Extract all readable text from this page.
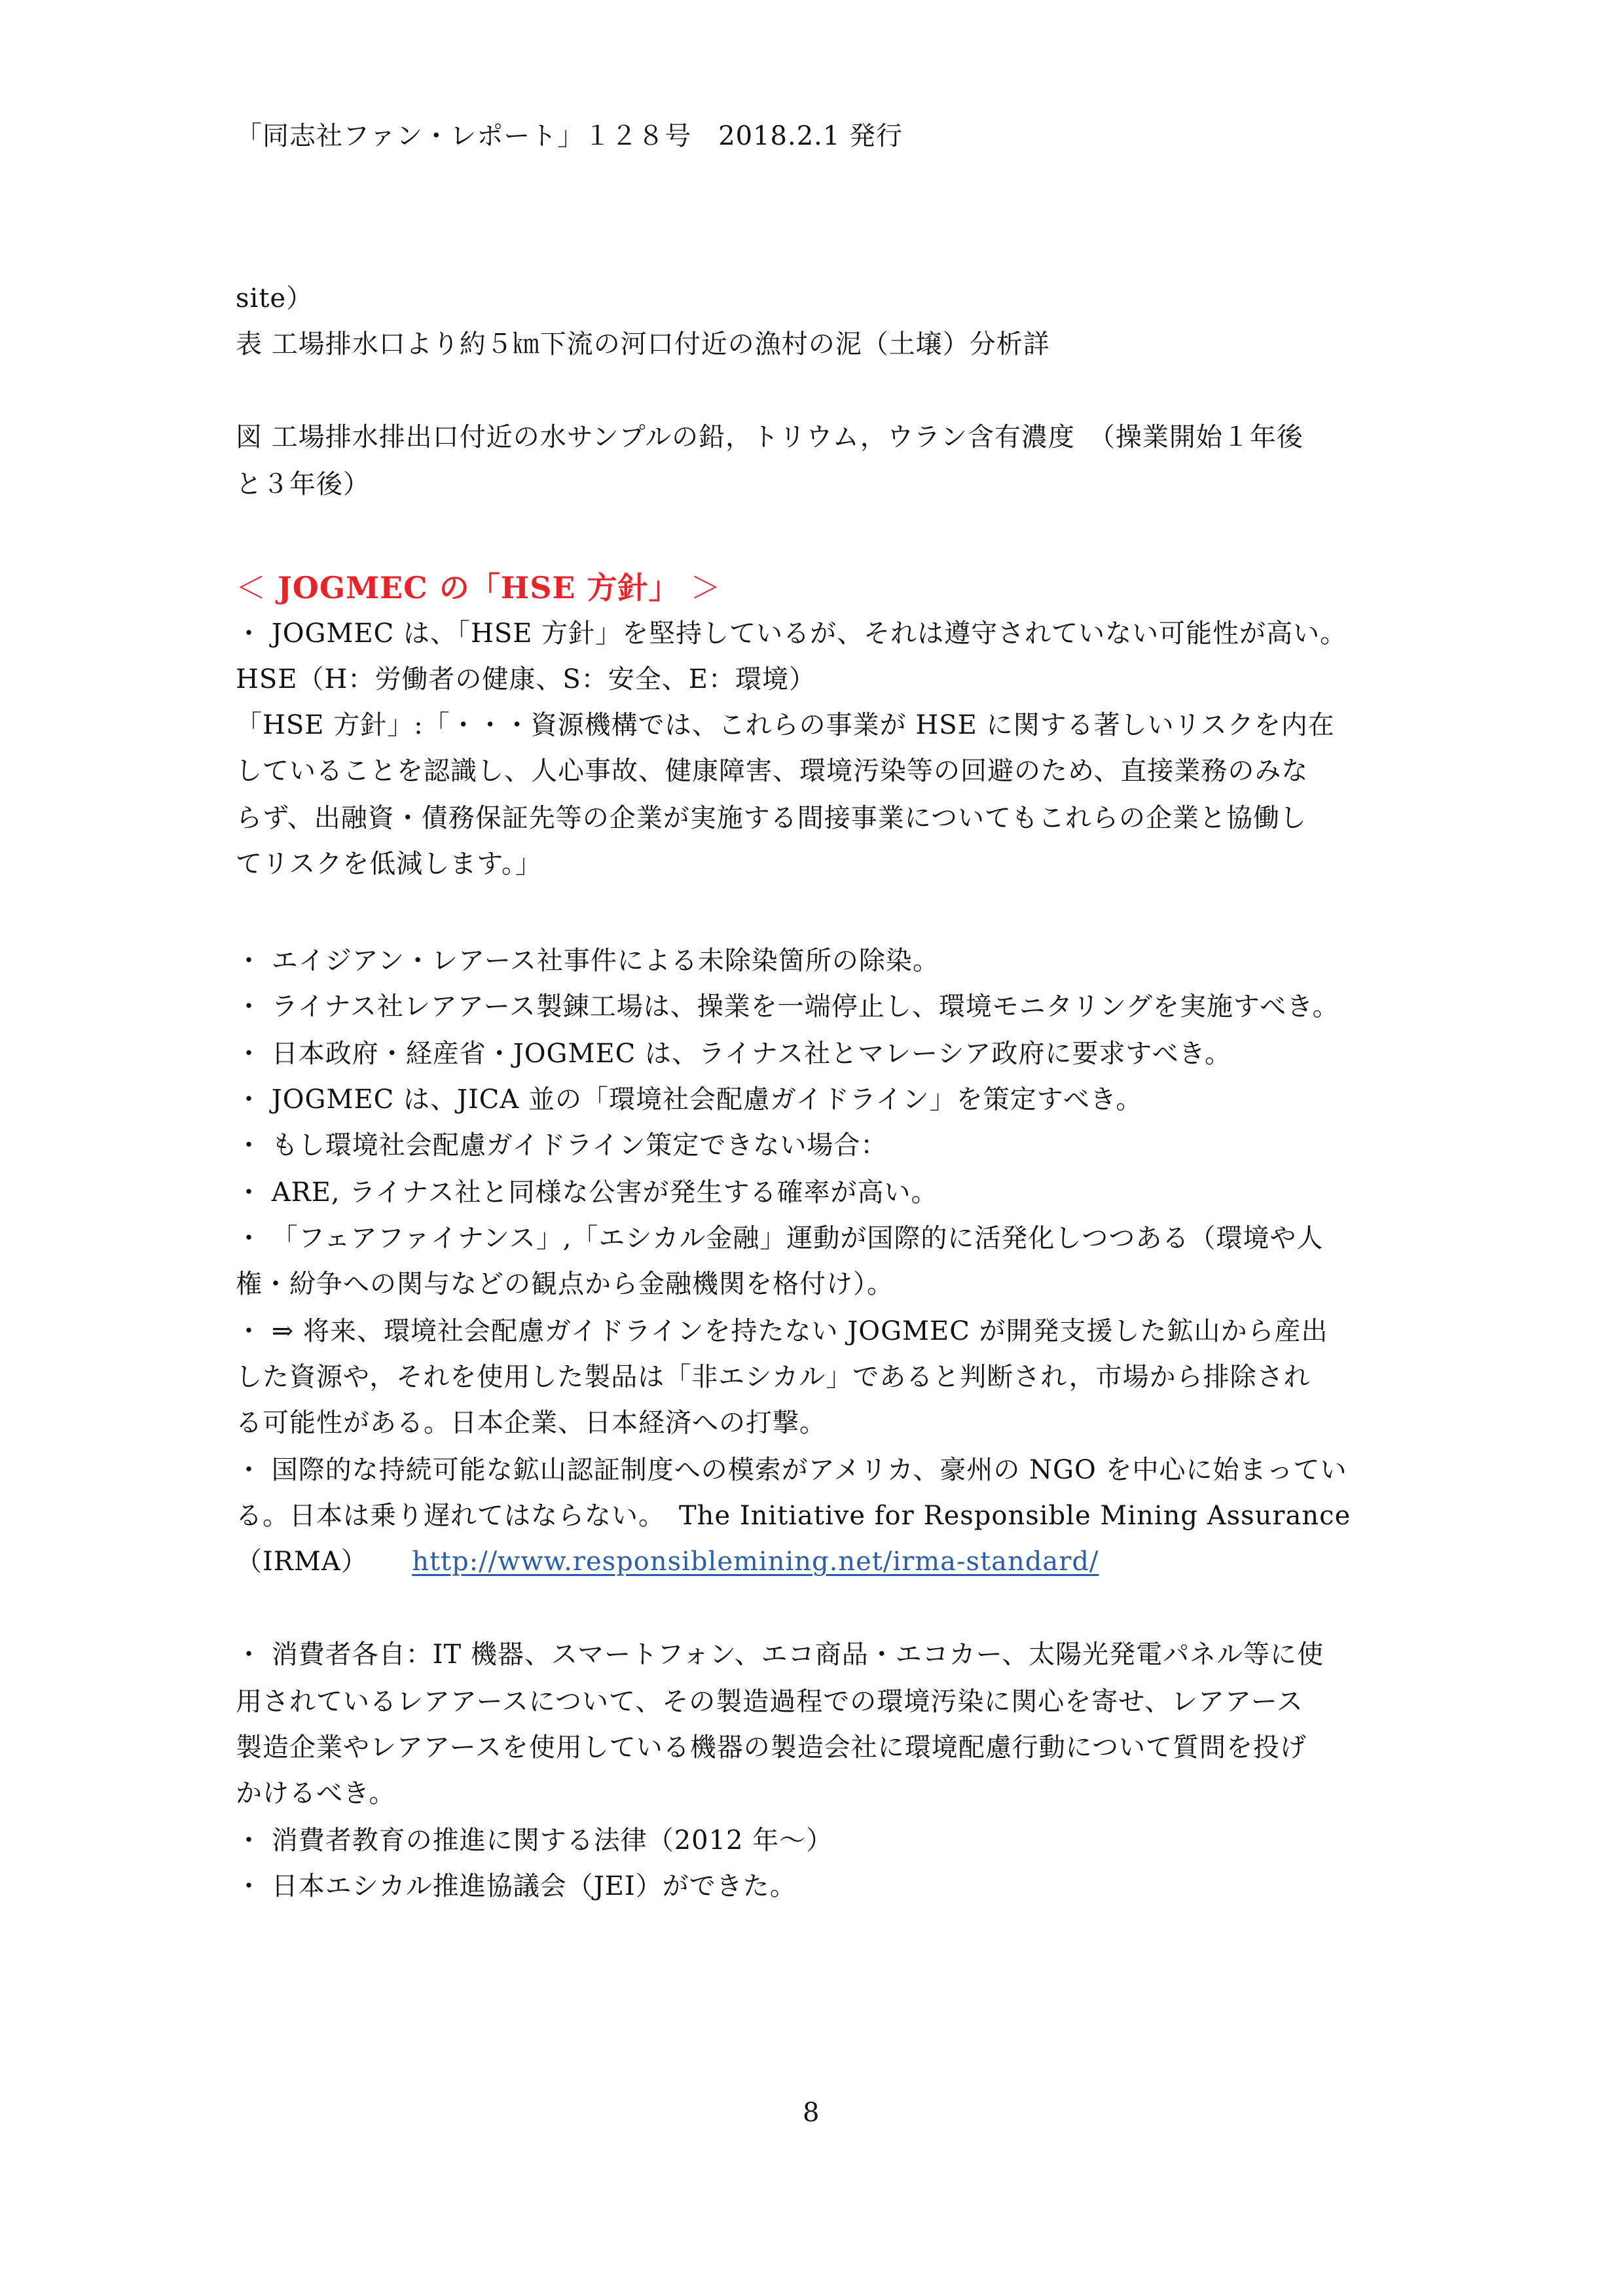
「同志社ファン・レポート」１２８号　2018.2.1 発行
site）
表 工場排水口より約５㎞下流の河口付近の漁村の泥（土壌）分析詳
図 工場排水排出口付近の水サンプルの鉛，トリウム，ウラン含有濃度　（操業開始１年後
と３年後）
＜ JOGMEC の「HSE 方針」 ＞
・ JOGMEC は、「HSE 方針」を堅持しているが、それは遵守されていない可能性が高い。
HSE（H：労働者の健康、S：安全、E：環境）
「HSE 方針」:「・・・資源機構では、これらの事業が HSE に関する著しいリスクを内在
していることを認識し、人心事故、健康障害、環境汚染等の回避のため、直接業務のみな
らず、出融資・債務保証先等の企業が実施する間接事業についてもこれらの企業と協働し
てリスクを低減します。」
・ エイジアン・レアース社事件による未除染箇所の除染。
・ ライナス社レアアース製錬工場は、操業を一端停止し、環境モニタリングを実施すべき。
・ 日本政府・経産省・JOGMEC は、ライナス社とマレーシア政府に要求すべき。
・ JOGMEC は、JICA 並の「環境社会配慮ガイドライン」を策定すべき。
・ もし環境社会配慮ガイドライン策定できない場合：
・ ARE, ライナス社と同様な公害が発生する確率が高い。
・ 「フェアファイナンス」,「エシカル金融」運動が国際的に活発化しつつある（環境や人
権・紛争への関与などの観点から金融機関を格付け）。
・ ⇒ 将来、環境社会配慮ガイドラインを持たない JOGMEC が開発支援した鉱山から産出
した資源や，それを使用した製品は「非エシカル」であると判断され，市場から排除され
る可能性がある。日本企業、日本経済への打撃。
・ 国際的な持続可能な鉱山認証制度への模索がアメリカ、豪州の NGO を中心に始まってい
る。日本は乗り遅れてはならない。　The Initiative for Responsible Mining Assurance
（IRMA） http://www.responsiblemining.net/irma-standard/
・ 消費者各自：IT 機器、スマートフォン、エコ商品・エコカー、太陽光発電パネル等に使
用されているレアアースについて、その製造過程での環境汚染に関心を寄せ、レアアース
製造企業やレアアースを使用している機器の製造会社に環境配慮行動について質問を投げ
かけるべき。
・ 消費者教育の推進に関する法律（2012 年～）
・ 日本エシカル推進協議会（JEI）ができた。
8
